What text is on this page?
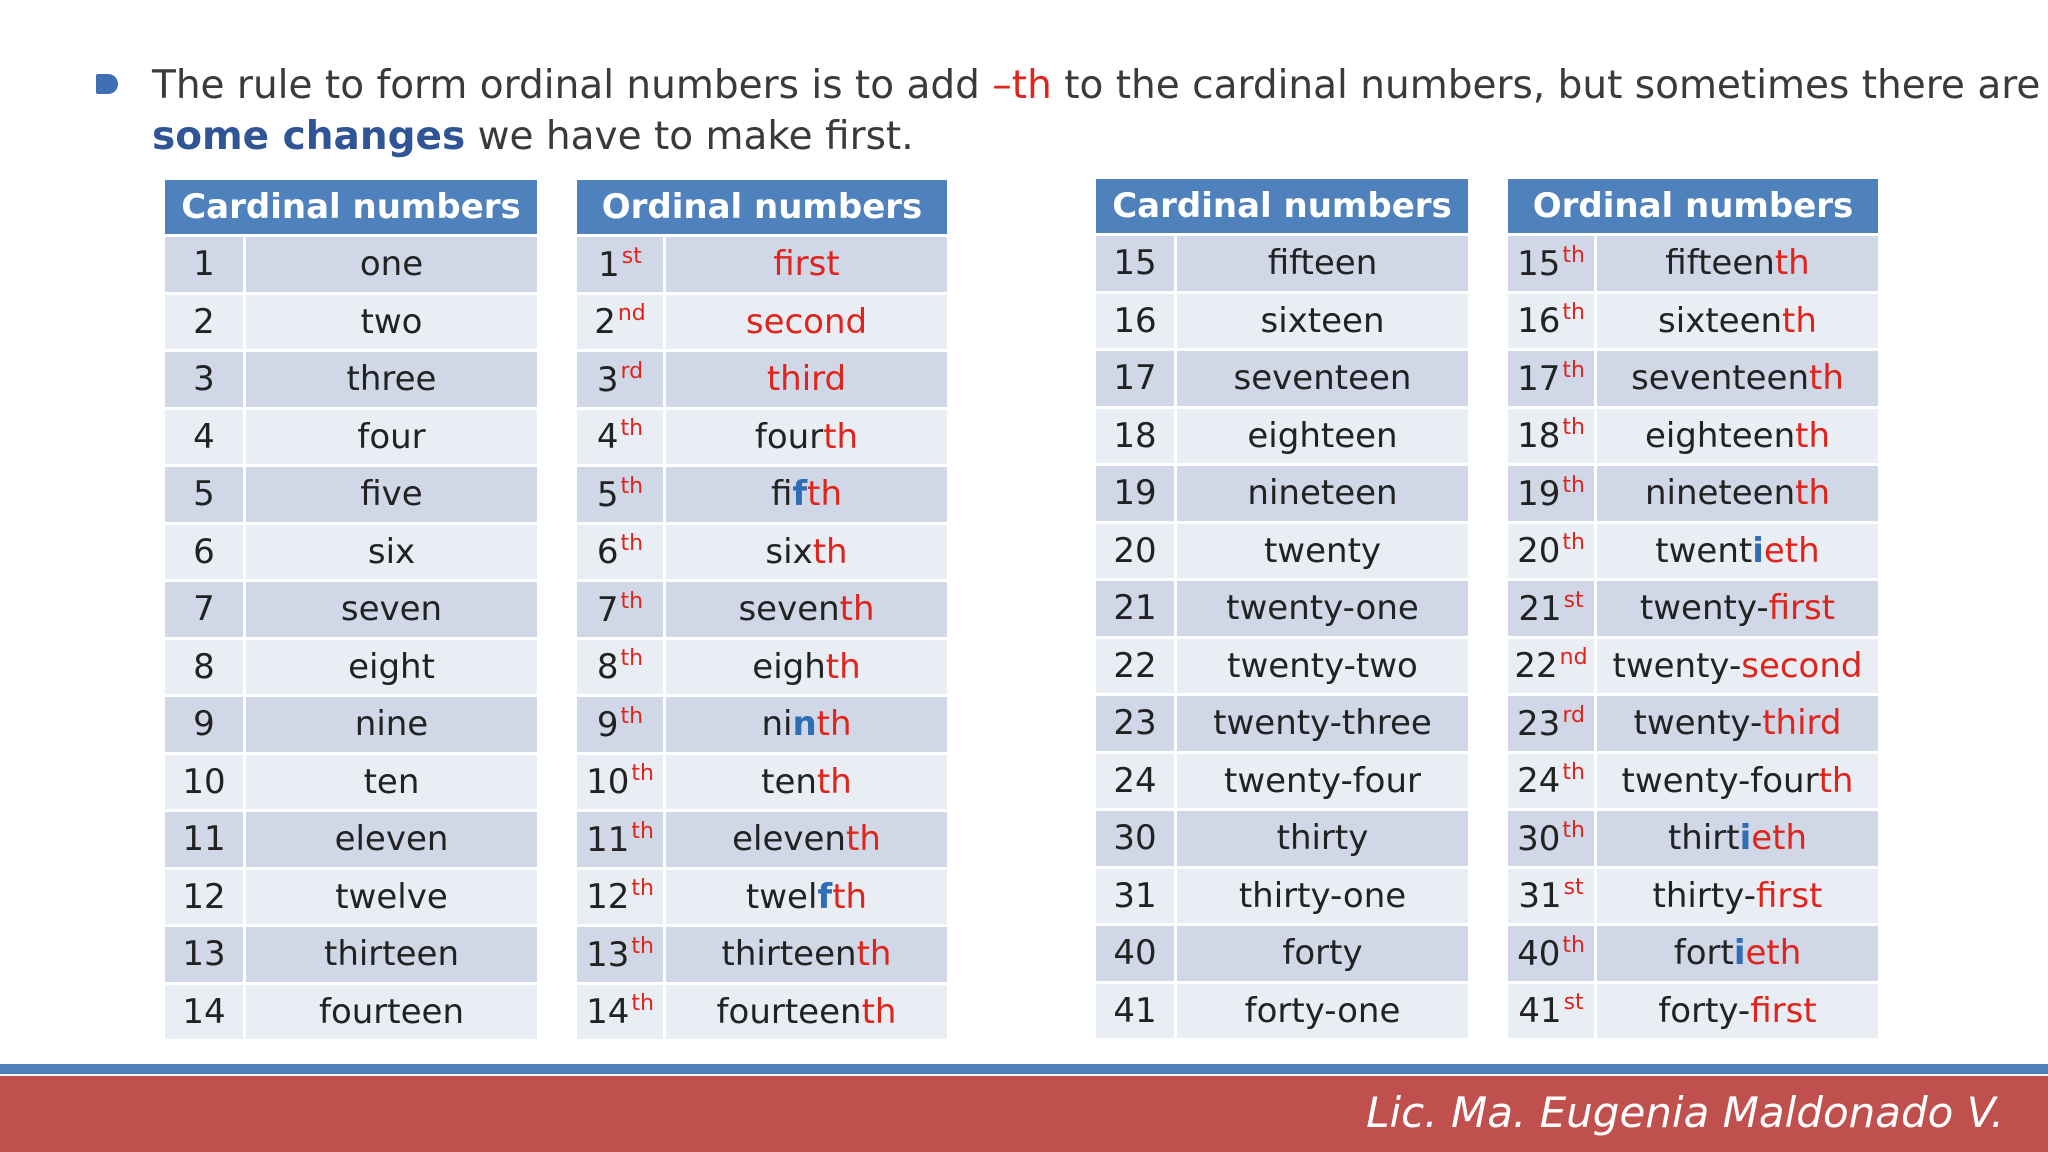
The rule to form ordinal numbers is to add –th to the cardinal numbers, but sometimes there are
some changes we have to make first.
Cardinal numbers	
1	one
2	two
3	three
4	four
5	five
6	six
7	seven
8	eight
9	nine
10	ten
11	eleven
12	twelve
13	thirteen
14	fourteen
Ordinal numbers	
1st	first
2nd	second
3rd	third
4th	fourth
5th	fifth
6th	sixth
7th	seventh
8th	eighth
9th	ninth
10th	tenth
11th	eleventh
12th	twelfth
13th	thirteenth
14th	fourteenth
Cardinal numbers	
15	fifteen
16	sixteen
17	seventeen
18	eighteen
19	nineteen
20	twenty
21	twenty-one
22	twenty-two
23	twenty-three
24	twenty-four
30	thirty
31	thirty-one
40	forty
41	forty-one
Ordinal numbers	
15th	fifteenth
16th	sixteenth
17th	seventeenth
18th	eighteenth
19th	nineteenth
20th	twentieth
21st	twenty-first
22nd	twenty-second
23rd	twenty-third
24th	twenty-fourth
30th	thirtieth
31st	thirty-first
40th	fortieth
41st	forty-first
Lic. Ma. Eugenia Maldonado V.
